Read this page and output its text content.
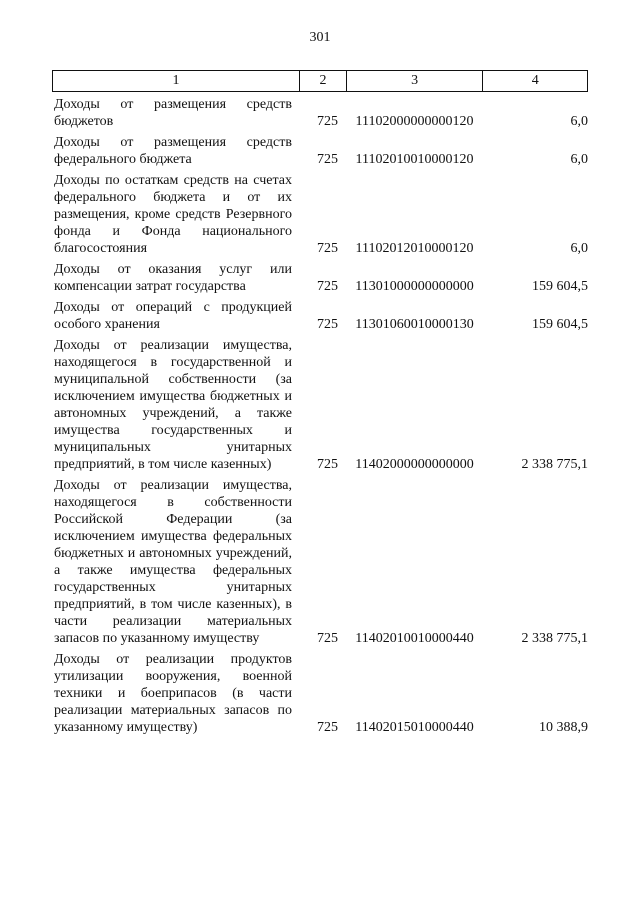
301
1	2	3	4
Доходы от размещения средств бюджетов	725	11102000000000120	6,0
Доходы от размещения средств федерального бюджета	725	11102010010000120	6,0
Доходы по остаткам средств на счетах федерального бюджета и от их размещения, кроме средств Резервного фонда и Фонда национального благосостояния	725	11102012010000120	6,0
Доходы от оказания услуг или компенсации затрат государства	725	11301000000000000	159 604,5
Доходы от операций с продукцией особого хранения	725	11301060010000130	159 604,5
Доходы от реализации имущества, находящегося в государственной и муниципальной собственности (за исключением имущества бюджетных и автономных учреждений, а также имущества государственных и муниципальных унитарных предприятий, в том числе казенных)	725	11402000000000000	2 338 775,1
Доходы от реализации имущества, находящегося в собственности Российской Федерации (за исключением имущества федеральных бюджетных и автономных учреждений, а также имущества федеральных государственных унитарных предприятий, в том числе казенных), в части реализации материальных запасов по указанному имуществу	725	11402010010000440	2 338 775,1
Доходы от реализации продуктов утилизации вооружения, военной техники и боеприпасов (в части реализации материальных запасов по указанному имуществу)	725	11402015010000440	10 388,9
